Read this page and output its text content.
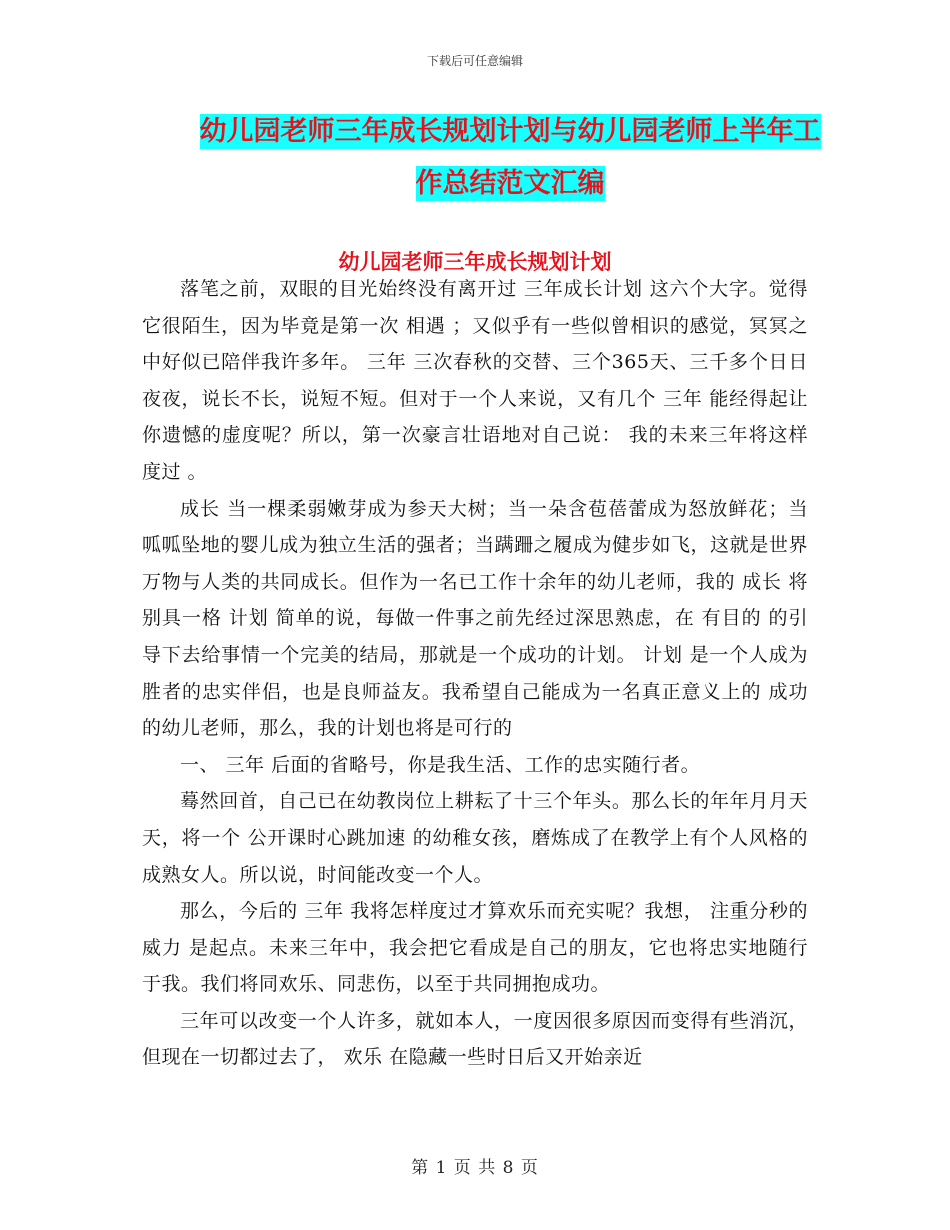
下载后可任意编辑
幼儿园老师三年成长规划计划与幼儿园老师上半年工作总结范文汇编
幼儿园老师三年成长规划计划

落笔之前，双眼的目光始终没有离开过 三年成长计划 这六个大字。觉得它很陌生，因为毕竟是第一次 相遇 ；又似乎有一些似曾相识的感觉，冥冥之中好似已陪伴我许多年。 三年 三次春秋的交替、三个365天、三千多个日日夜夜，说长不长，说短不短。但对于一个人来说，又有几个 三年 能经得起让你遗憾的虚度呢？所以，第一次豪言壮语地对自己说： 我的未来三年将这样度过 。

成长 当一棵柔弱嫩芽成为参天大树；当一朵含苞蓓蕾成为怒放鲜花；当呱呱坠地的婴儿成为独立生活的强者；当蹒跚之履成为健步如飞，这就是世界万物与人类的共同成长。但作为一名已工作十余年的幼儿老师，我的 成长 将别具一格 计划 简单的说，每做一件事之前先经过深思熟虑，在 有目的 的引导下去给事情一个完美的结局，那就是一个成功的计划。 计划 是一个人成为胜者的忠实伴侣，也是良师益友。我希望自己能成为一名真正意义上的 成功 的幼儿老师，那么，我的计划也将是可行的

一、 三年 后面的省略号，你是我生活、工作的忠实随行者。

蓦然回首，自己已在幼教岗位上耕耘了十三个年头。那么长的年年月月天天，将一个 公开课时心跳加速 的幼稚女孩，磨炼成了在教学上有个人风格的成熟女人。所以说，时间能改变一个人。

那么，今后的 三年 我将怎样度过才算欢乐而充实呢？我想， 注重分秒的威力 是起点。未来三年中，我会把它看成是自己的朋友，它也将忠实地随行于我。我们将同欢乐、同悲伤，以至于共同拥抱成功。

三年可以改变一个人许多，就如本人，一度因很多原因而变得有些消沉，但现在一切都过去了， 欢乐 在隐藏一些时日后又开始亲近

第 1 页 共 8 页
